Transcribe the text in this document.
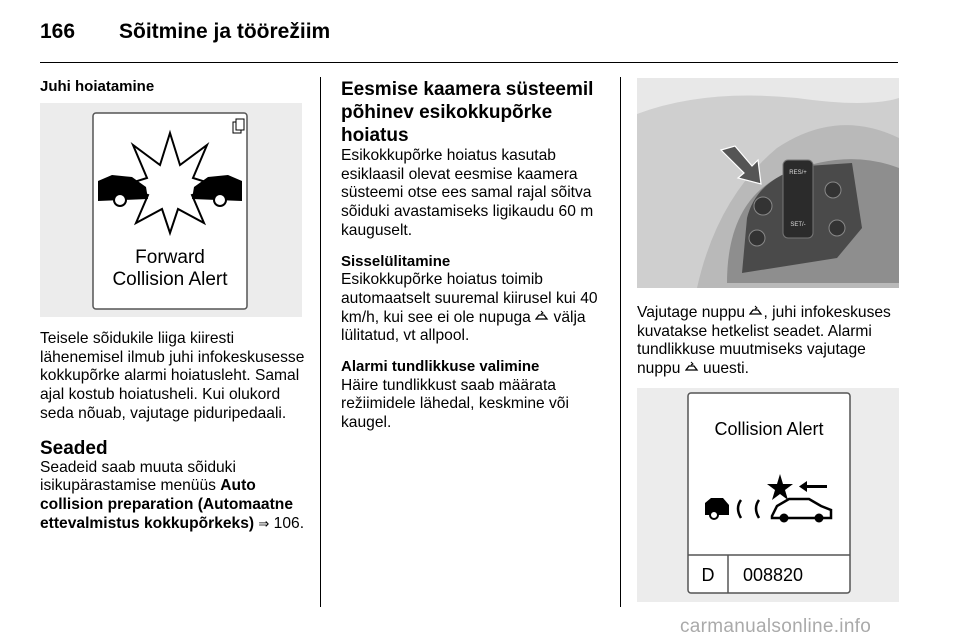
166 Sõitmine ja töörežiim

Juhi hoiatamine

Forward
Collision Alert

Teisele sõidukile liiga kiiresti lähenemisel ilmub juhi infokeskusesse kokkupõrke alarmi hoiatusleht. Samal ajal kostub hoiatusheli. Kui olukord seda nõuab, vajutage piduripedaali.

Seaded

Seadeid saab muuta sõiduki isikupärastamise menüüs Auto collision preparation (Automaatne ettevalmistus kokkupõrkeks) ⇒ 106.

Eesmise kaamera süsteemil põhinev esikokkupõrke hoiatus

Esikokkupõrke hoiatus kasutab esiklaasil olevat eesmise kaamera süsteemi otse ees samal rajal sõitva sõiduki avastamiseks ligikaudu 60 m kauguselt.

Sisselülitamine

Esikokkupõrke hoiatus toimib automaatselt suuremal kiirusel kui 40 km/h, kui see ei ole nupuga  välja lülitatud, vt allpool.

Alarmi tundlikkuse valimine

Häire tundlikkust saab määrata režiimidele lähedal, keskmine või kaugel.

RES/+
SET/-

Vajutage nuppu , juhi infokeskuses kuvatakse hetkelist seadet. Alarmi tundlikkuse muutmiseks vajutage nuppu  uuesti.

Collision Alert
D 008820
carmanualsonline.info
